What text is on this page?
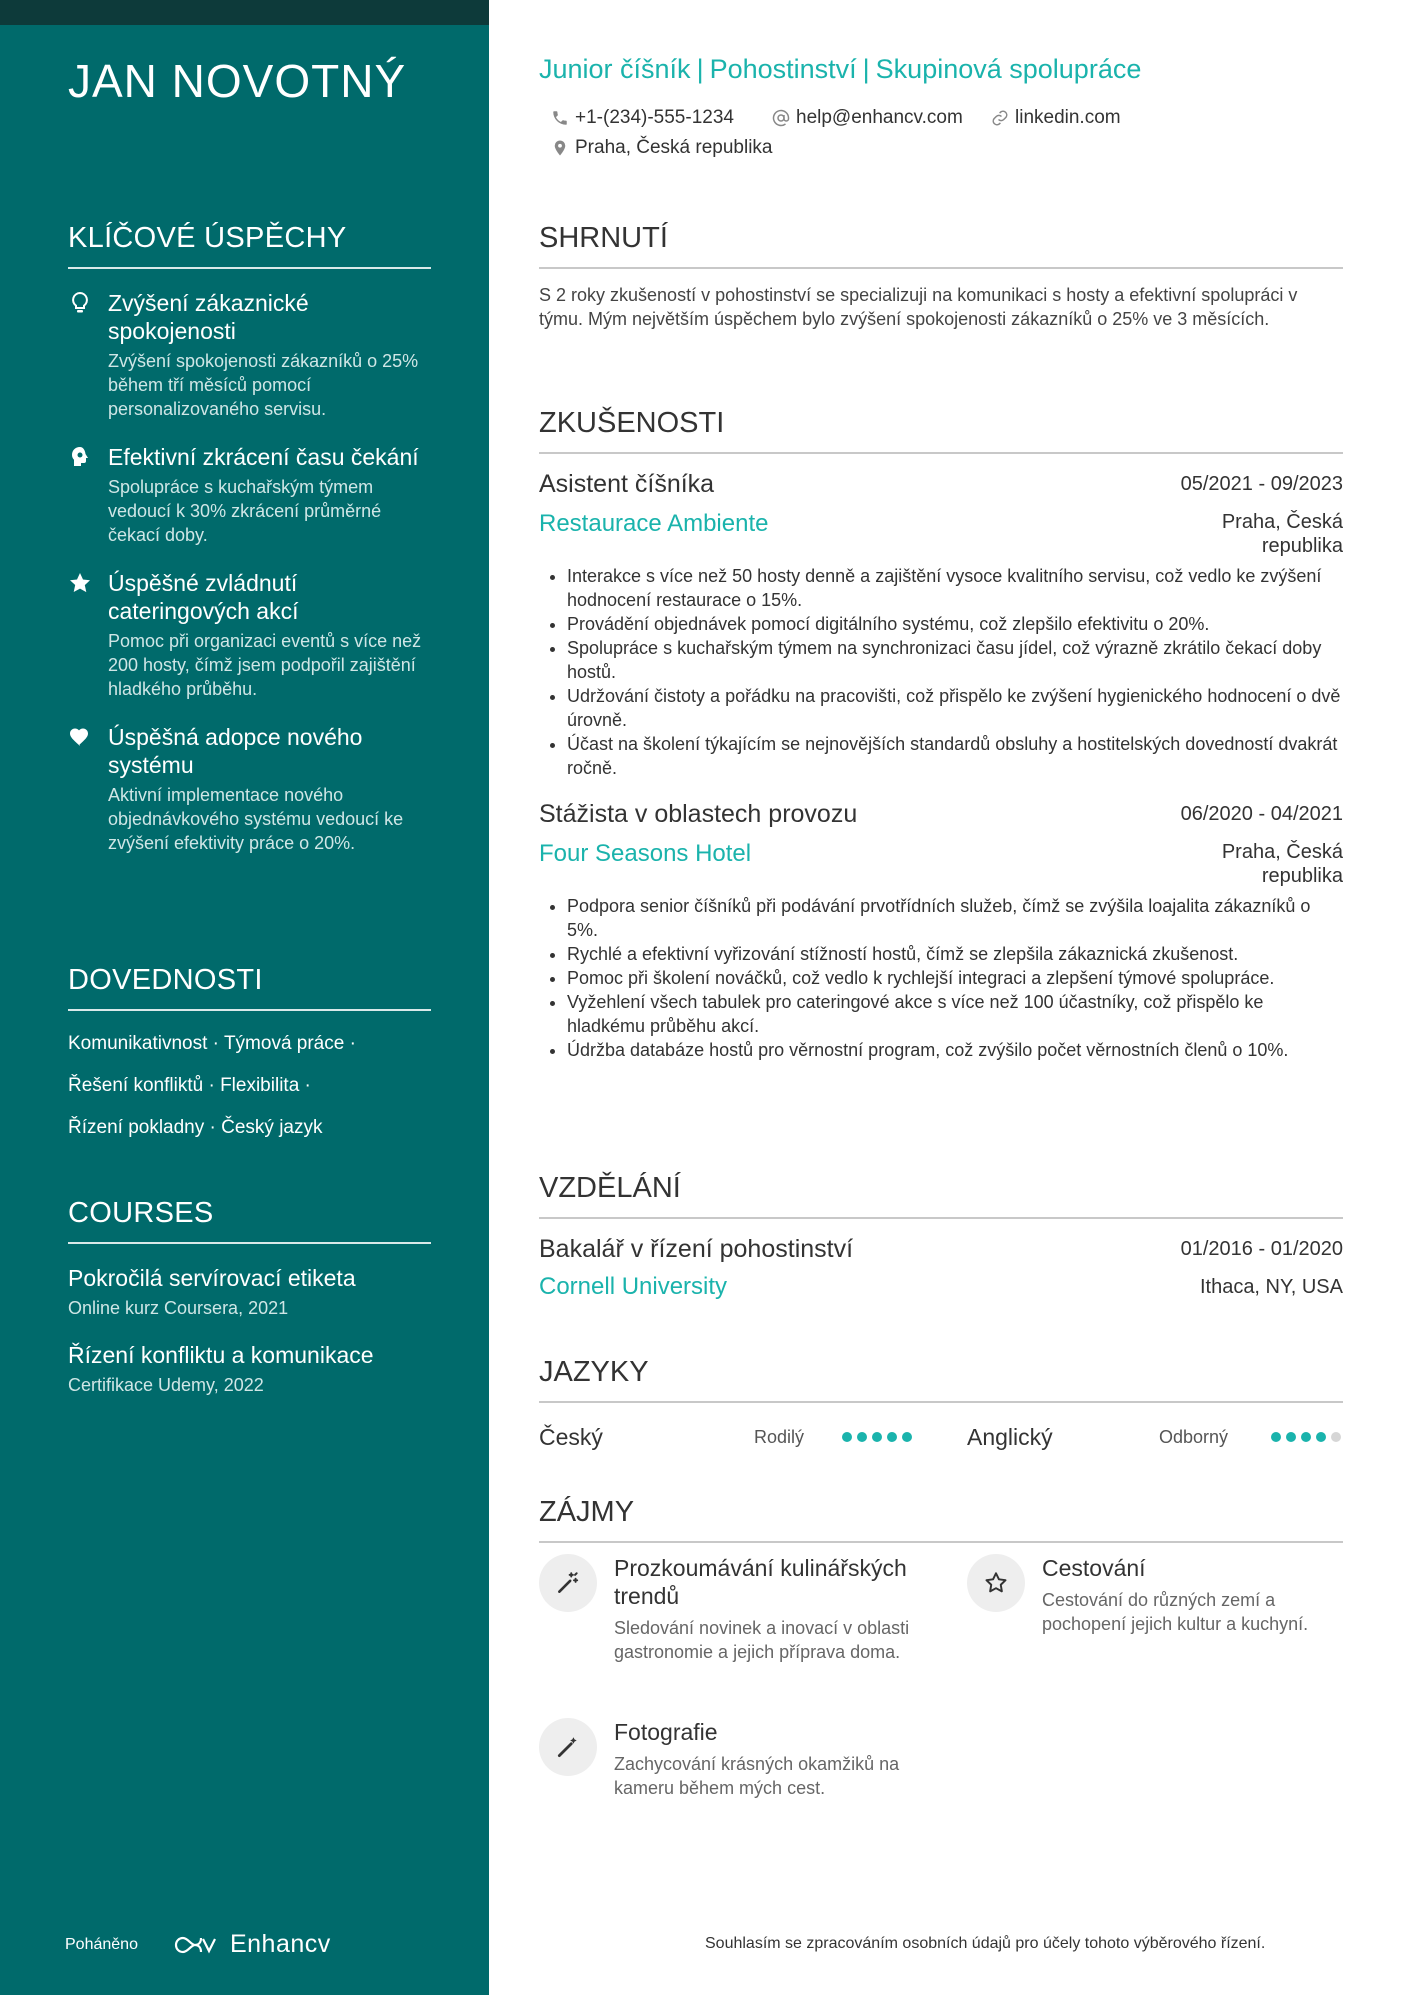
JAN NOVOTNÝ
KLÍČOVÉ ÚSPĚCHY
Zvýšení zákaznické spokojenosti
Zvýšení spokojenosti zákazníků o 25% během tří měsíců pomocí personalizovaného servisu.
Efektivní zkrácení času čekání
Spolupráce s kuchařským týmem vedoucí k 30% zkrácení průměrné čekací doby.
Úspěšné zvládnutí cateringových akcí
Pomoc při organizaci eventů s více než 200 hosty, čímž jsem podpořil zajištění hladkého průběhu.
Úspěšná adopce nového systému
Aktivní implementace nového objednávkového systému vedoucí ke zvýšení efektivity práce o 20%.
DOVEDNOSTI
Komunikativnost · Týmová práce ·
Řešení konfliktů · Flexibilita ·
Řízení pokladny · Český jazyk
COURSES
Pokročilá servírovací etiketa
Online kurz Coursera, 2021
Řízení konfliktu a komunikace
Certifikace Udemy, 2022
Poháněno	Enhancv
Junior číšník | Pohostinství | Skupinová spolupráce
+1-(234)-555-1234	help@enhancv.com	linkedin.com
Praha, Česká republika
SHRNUTÍ
S 2 roky zkušeností v pohostinství se specializuji na komunikaci s hosty a efektivní spolupráci v týmu. Mým největším úspěchem bylo zvýšení spokojenosti zákazníků o 25% ve 3 měsících.
ZKUŠENOSTI
Asistent číšníka
Restaurace Ambiente
05/2021 - 09/2023
Praha, Česká
republika
• Interakce s více než 50 hosty denně a zajištění vysoce kvalitního servisu, což vedlo ke zvýšení hodnocení restaurace o 15%.
• Provádění objednávek pomocí digitálního systému, což zlepšilo efektivitu o 20%.
• Spolupráce s kuchařským týmem na synchronizaci času jídel, což výrazně zkrátilo čekací doby hostů.
• Udržování čistoty a pořádku na pracovišti, což přispělo ke zvýšení hygienického hodnocení o dvě úrovně.
• Účast na školení týkajícím se nejnovějších standardů obsluhy a hostitelských dovedností dvakrát ročně.
Stážista v oblastech provozu
Four Seasons Hotel
06/2020 - 04/2021
Praha, Česká
republika
• Podpora senior číšníků při podávání prvotřídních služeb, čímž se zvýšila loajalita zákazníků o 5%.
• Rychlé a efektivní vyřizování stížností hostů, čímž se zlepšila zákaznická zkušenost.
• Pomoc při školení nováčků, což vedlo k rychlejší integraci a zlepšení týmové spolupráce.
• Vyžehlení všech tabulek pro cateringové akce s více než 100 účastníky, což přispělo ke hladkému průběhu akcí.
• Údržba databáze hostů pro věrnostní program, což zvýšilo počet věrnostních členů o 10%.
VZDĚLÁNÍ
Bakalář v řízení pohostinství
Cornell University
01/2016 - 01/2020
Ithaca, NY, USA
JAZYKY
Český	Rodilý	Anglický	Odborný
ZÁJMY
Prozkoumávání kulinářských trendů
Sledování novinek a inovací v oblasti gastronomie a jejich příprava doma.
Cestování
Cestování do různých zemí a pochopení jejich kultur a kuchyní.
Fotografie
Zachycování krásných okamžiků na kameru během mých cest.
Souhlasím se zpracováním osobních údajů pro účely tohoto výběrového řízení.
